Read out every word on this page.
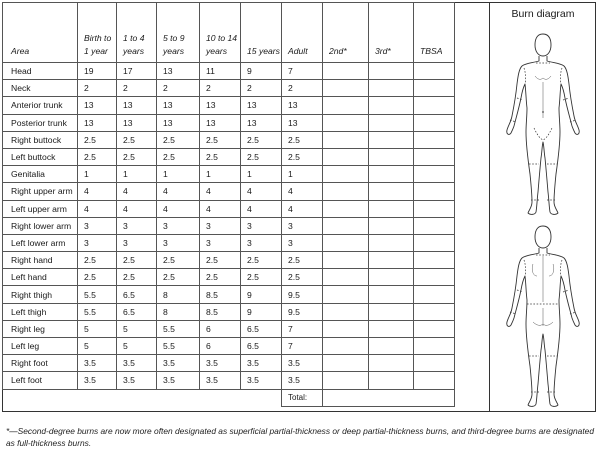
Area	Birth to 1 year	1 to 4 years	5 to 9 years	10 to 14 years	15 years	Adult	2nd*	3rd*	TBSA
Head	19	17	13	11	9	7			
Neck	2	2	2	2	2	2			
Anterior trunk	13	13	13	13	13	13			
Posterior trunk	13	13	13	13	13	13			
Right buttock	2.5	2.5	2.5	2.5	2.5	2.5			
Left buttock	2.5	2.5	2.5	2.5	2.5	2.5			
Genitalia	1	1	1	1	1	1			
Right upper arm	4	4	4	4	4	4			
Left upper arm	4	4	4	4	4	4			
Right lower arm	3	3	3	3	3	3			
Left lower arm	3	3	3	3	3	3			
Right hand	2.5	2.5	2.5	2.5	2.5	2.5			
Left hand	2.5	2.5	2.5	2.5	2.5	2.5			
Right thigh	5.5	6.5	8	8.5	9	9.5			
Left thigh	5.5	6.5	8	8.5	9	9.5			
Right leg	5	5	5.5	6	6.5	7			
Left leg	5	5	5.5	6	6.5	7			
Right foot	3.5	3.5	3.5	3.5	3.5	3.5			
Left foot	3.5	3.5	3.5	3.5	3.5	3.5			
						Total:			
Burn diagram
*—Second-degree burns are now more often designated as superficial partial-thickness or deep partial-thickness burns, and third-degree burns are designated as full-thickness burns.
